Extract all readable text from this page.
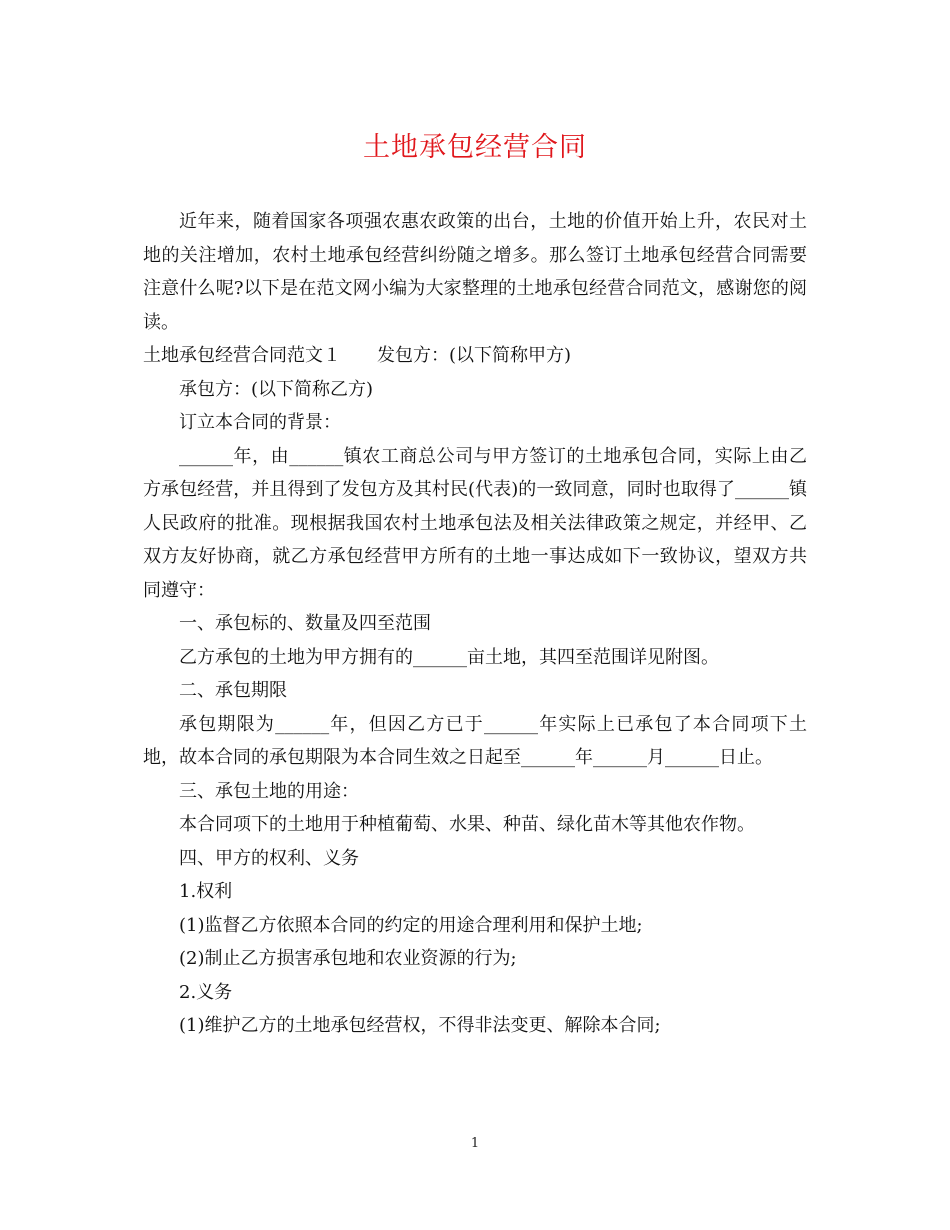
土地承包经营合同

近年来，随着国家各项强农惠农政策的出台，土地的价值开始上升，农民对土地的关注增加，农村土地承包经营纠纷随之增多。那么签订土地承包经营合同需要注意什么呢?以下是在范文网小编为大家整理的土地承包经营合同范文，感谢您的阅读。

土地承包经营合同范文１ 发包方：(以下简称甲方)

承包方：(以下简称乙方)

订立本合同的背景：

______年，由______镇农工商总公司与甲方签订的土地承包合同，实际上由乙方承包经营，并且得到了发包方及其村民(代表)的一致同意，同时也取得了______镇人民政府的批准。现根据我国农村土地承包法及相关法律政策之规定，并经甲、乙双方友好协商，就乙方承包经营甲方所有的土地一事达成如下一致协议，望双方共同遵守：

一、承包标的、数量及四至范围

乙方承包的土地为甲方拥有的______亩土地，其四至范围详见附图。

二、承包期限

承包期限为______年，但因乙方已于______年实际上已承包了本合同项下土地，故本合同的承包期限为本合同生效之日起至______年______月______日止。

三、承包土地的用途：

本合同项下的土地用于种植葡萄、水果、种苗、绿化苗木等其他农作物。

四、甲方的权利、义务

1.权利

(1)监督乙方依照本合同的约定的用途合理利用和保护土地;

(2)制止乙方损害承包地和农业资源的行为;

2.义务

(1)维护乙方的土地承包经营权，不得非法变更、解除本合同;

1
